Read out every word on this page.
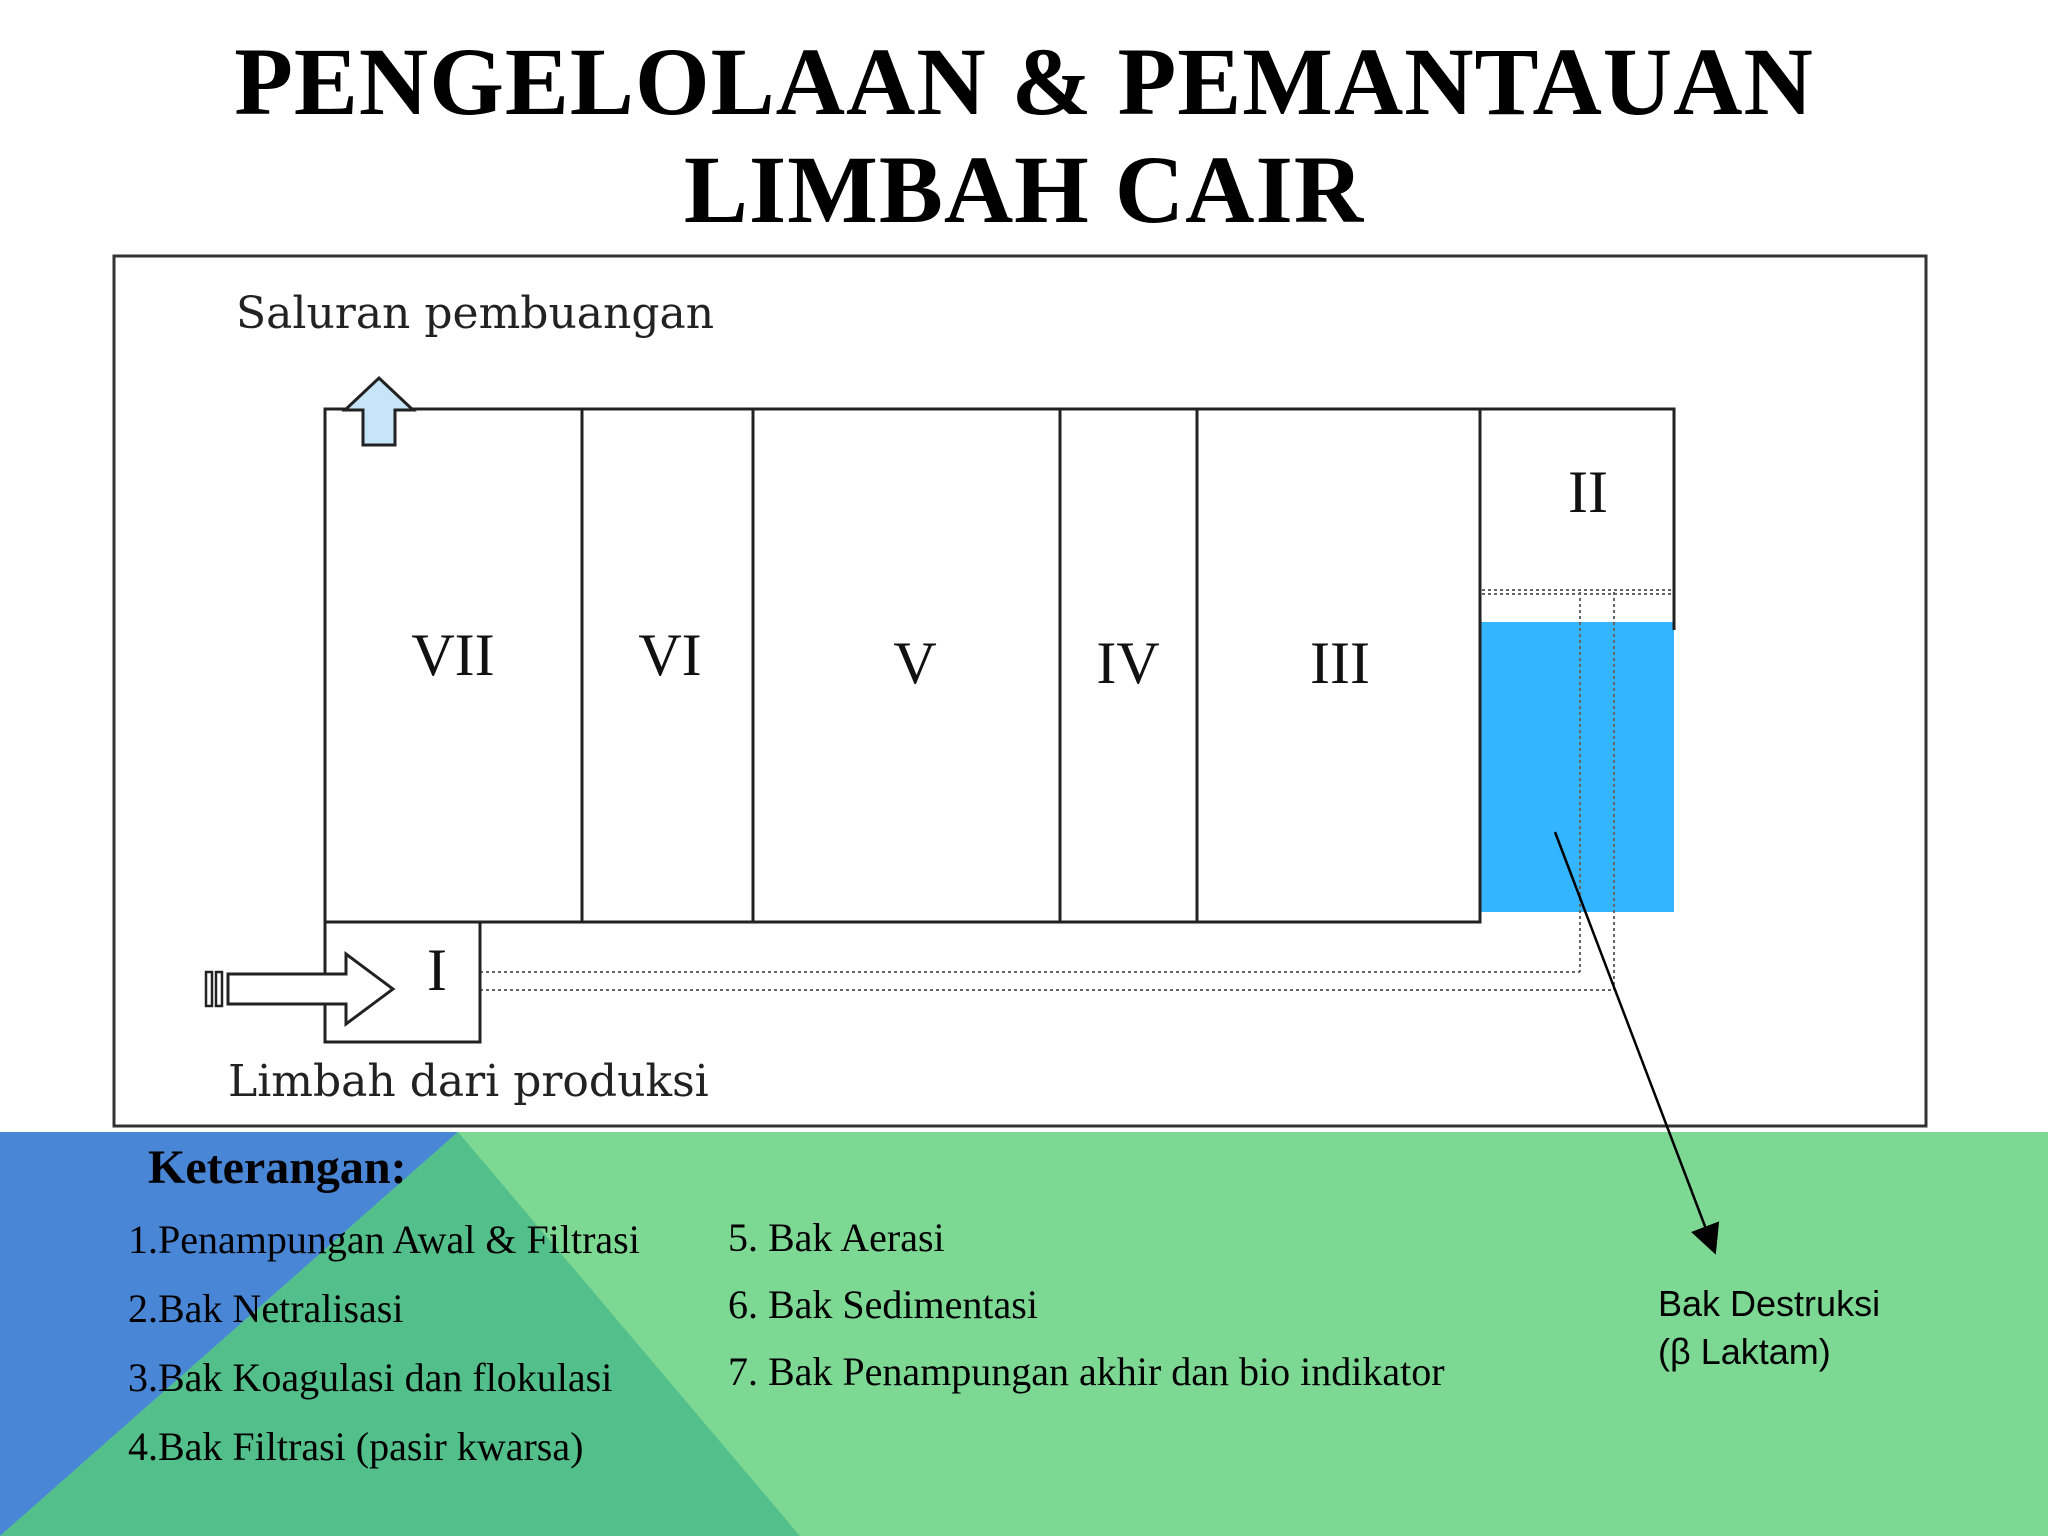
PENGELOLAAN & PEMANTAUAN
LIMBAH CAIR
VII VI	V	IV	III
II
I
Saluran pembuangan
Limbah dari produksi
Keterangan:
1.Penampungan Awal & Filtrasi
2.Bak Netralisasi
3.Bak Koagulasi dan flokulasi
4.Bak Filtrasi (pasir kwarsa)
5. Bak Aerasi
6. Bak Sedimentasi
7. Bak Penampungan akhir dan bio indikator
Bak Destruksi
(β Laktam)
